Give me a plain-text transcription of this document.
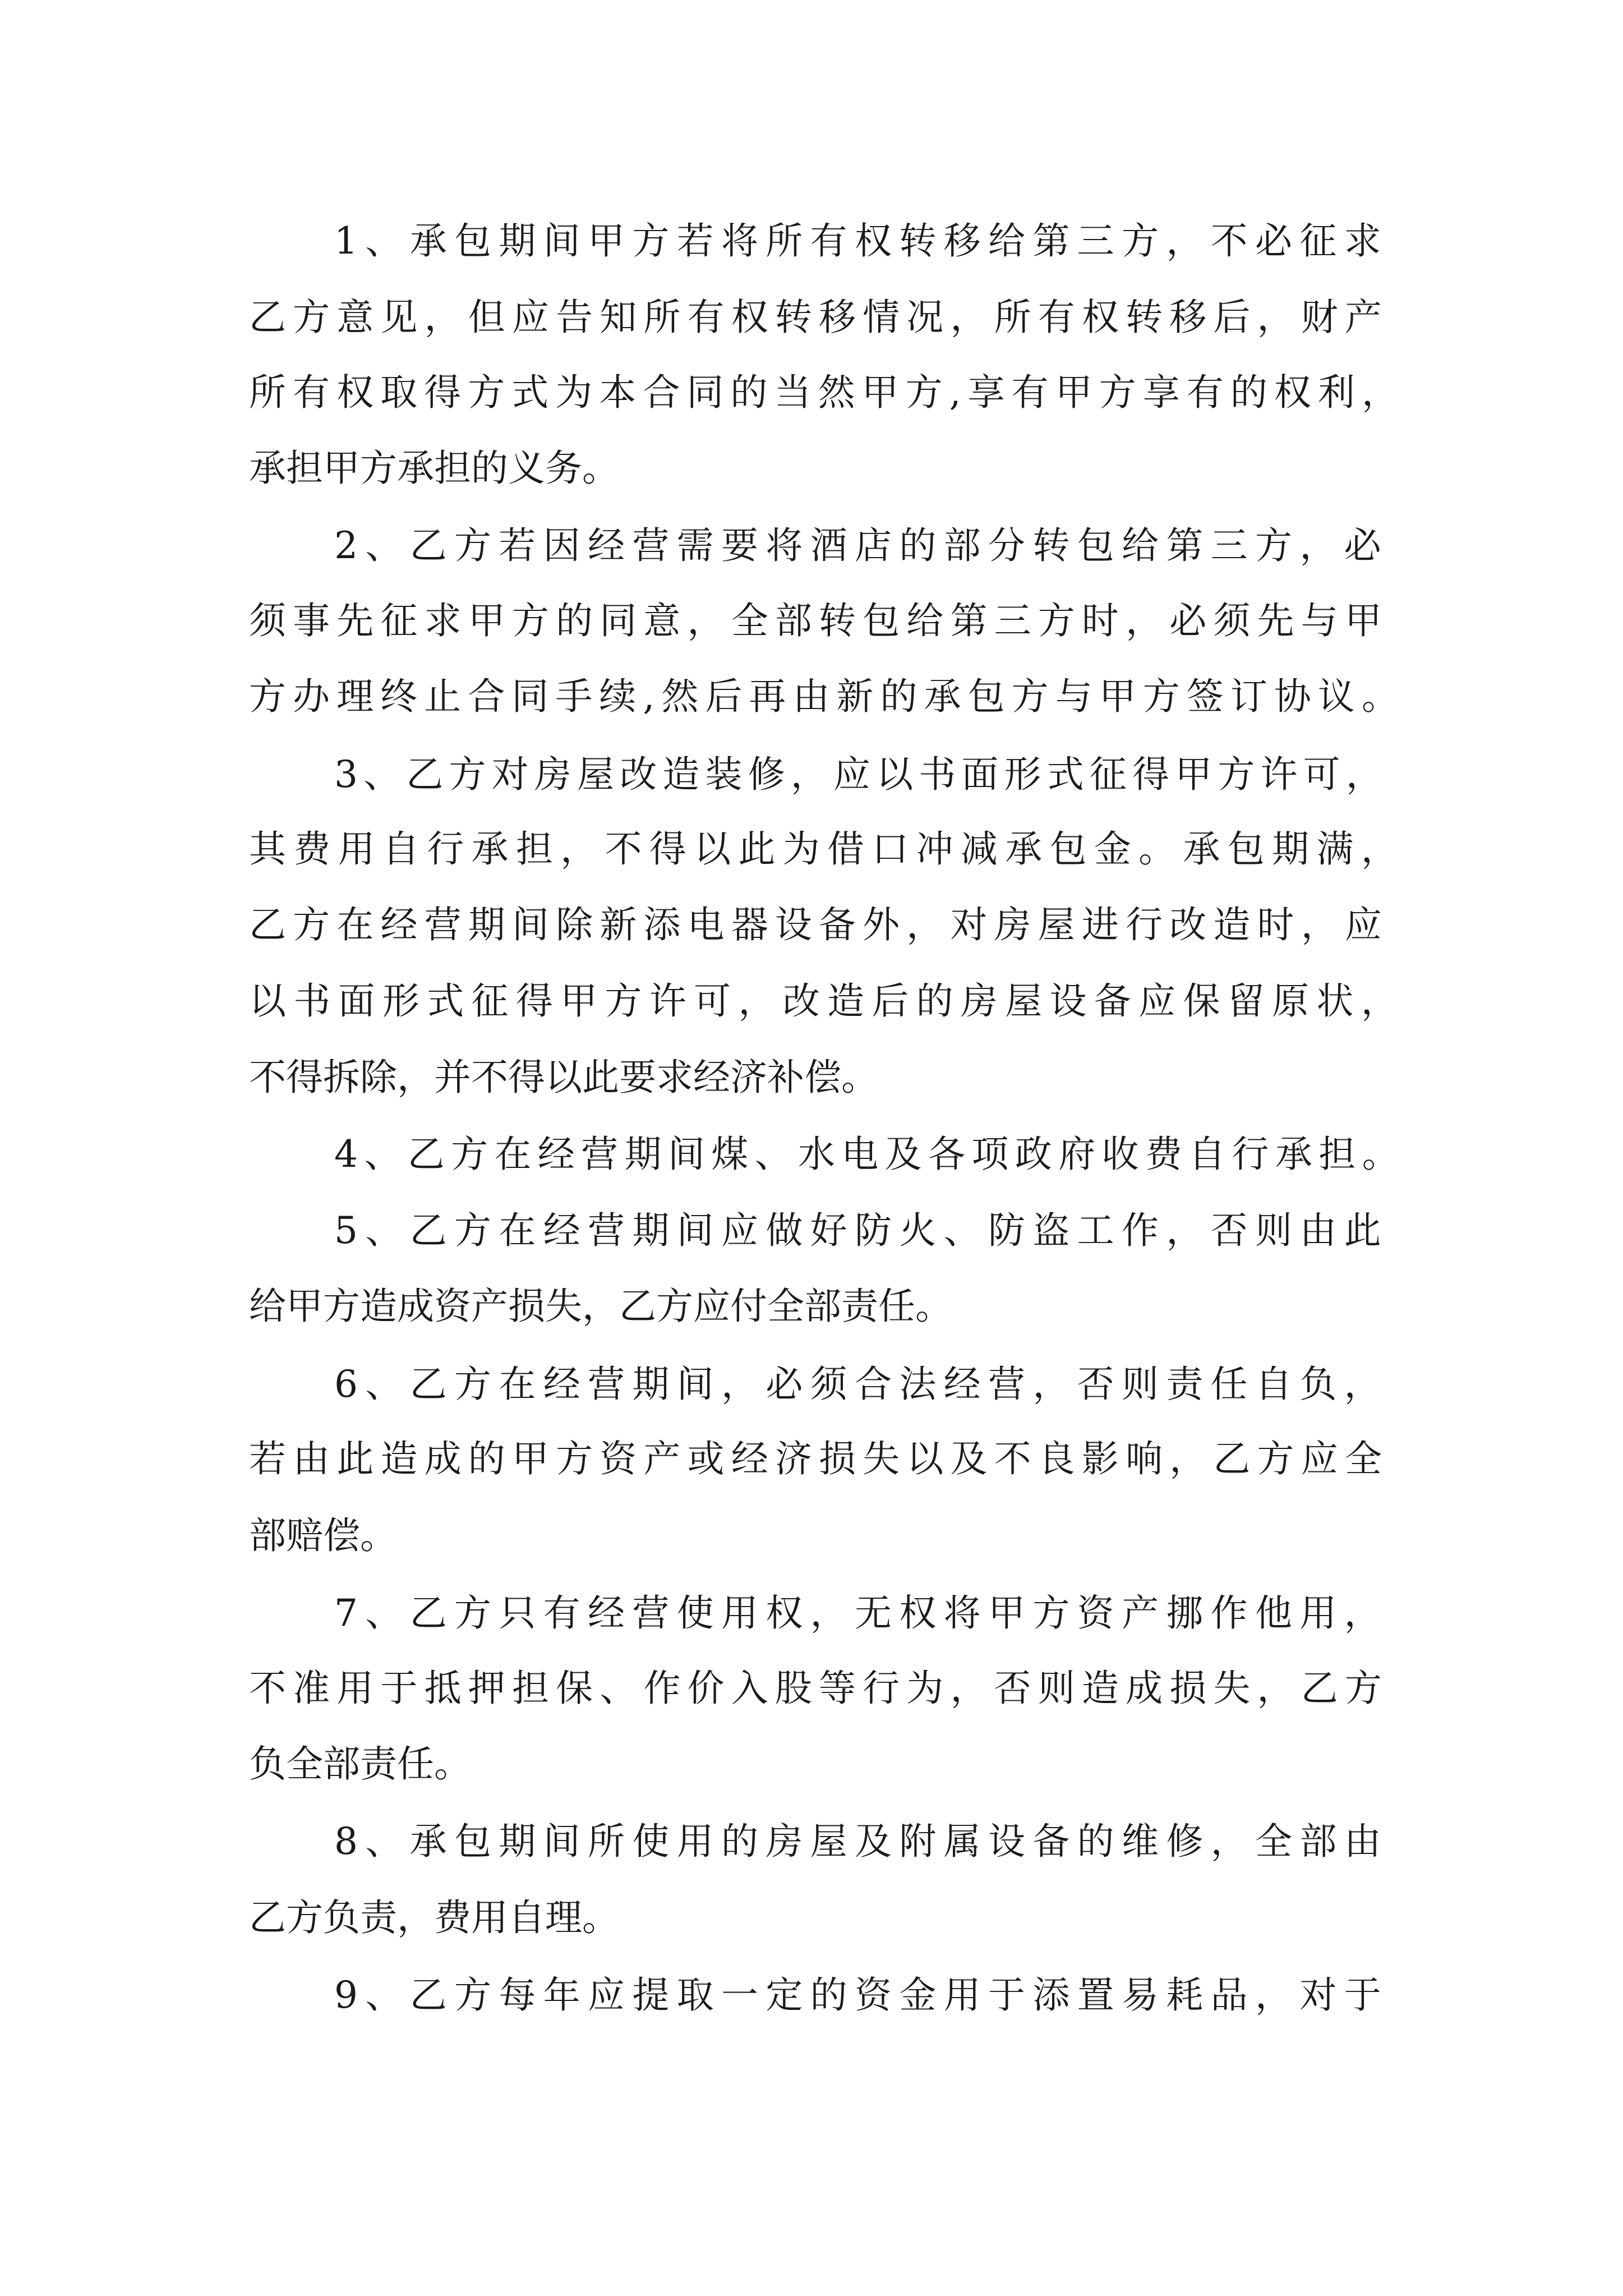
1、承包期间甲方若将所有权转移给第三方，不必征求
乙方意见，但应告知所有权转移情况，所有权转移后，财产
所有权取得方式为本合同的当然甲方,享有甲方享有的权利，
承担甲方承担的义务。
2、乙方若因经营需要将酒店的部分转包给第三方，必
须事先征求甲方的同意，全部转包给第三方时，必须先与甲
方办理终止合同手续,然后再由新的承包方与甲方签订协议。
3、乙方对房屋改造装修，应以书面形式征得甲方许可，
其费用自行承担，不得以此为借口冲减承包金。承包期满，
乙方在经营期间除新添电器设备外，对房屋进行改造时，应
以书面形式征得甲方许可，改造后的房屋设备应保留原状，
不得拆除，并不得以此要求经济补偿。
4、乙方在经营期间煤、水电及各项政府收费自行承担。
5、乙方在经营期间应做好防火、防盗工作，否则由此
给甲方造成资产损失，乙方应付全部责任。
6、乙方在经营期间，必须合法经营，否则责任自负，
若由此造成的甲方资产或经济损失以及不良影响，乙方应全
部赔偿。
7、乙方只有经营使用权，无权将甲方资产挪作他用，
不准用于抵押担保、作价入股等行为，否则造成损失，乙方
负全部责任。
8、承包期间所使用的房屋及附属设备的维修，全部由
乙方负责，费用自理。
9、乙方每年应提取一定的资金用于添置易耗品，对于
